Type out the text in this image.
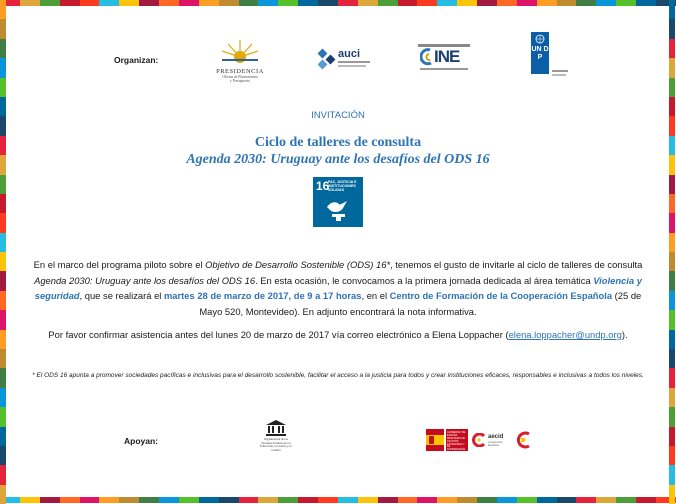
Organizan:
PRESIDENCIA
Oficina de Planeamiento
y Presupuesto
auci	INE	UN DP
INVITACIÓN
Ciclo de talleres de consulta
Agenda 2030: Uruguay ante los desafíos del ODS 16
16
PAZ, JUSTICIA E INSTITUCIONES SÓLIDAS
En el marco del programa piloto sobre el Objetivo de Desarrollo Sostenible (ODS) 16*, tenemos el gusto de invitarle al ciclo de talleres de consulta Agenda 2030: Uruguay ante los desafíos del ODS 16. En esta ocasión, le convocamos a la primera jornada dedicada al área temática Violencia y seguridad, que se realizará el martes 28 de marzo de 2017, de 9 a 17 horas, en el Centro de Formación de la Cooperación Española (25 de Mayo 520, Montevideo). En adjunto encontrará la nota informativa.
Por favor confirmar asistencia antes del lunes 20 de marzo de 2017 vía correo electrónico a Elena Loppacher (elena.loppacher@undp.org).
* El ODS 16 apunta a promover sociedades pacíficas e inclusivas para el desarrollo sostenible, facilitar el acceso a la justicia para todos y crear instituciones eficaces, responsables e inclusivas a todos los niveles.
Apoyan:	Organización de las Naciones Unidas para la Educación, la Ciencia y la Cultura
GOBIERNO DE ESPAÑA
MINISTERIO DE ASUNTOS EXTERIORES Y DE COOPERACIÓN
aecid
Cooperación Española
